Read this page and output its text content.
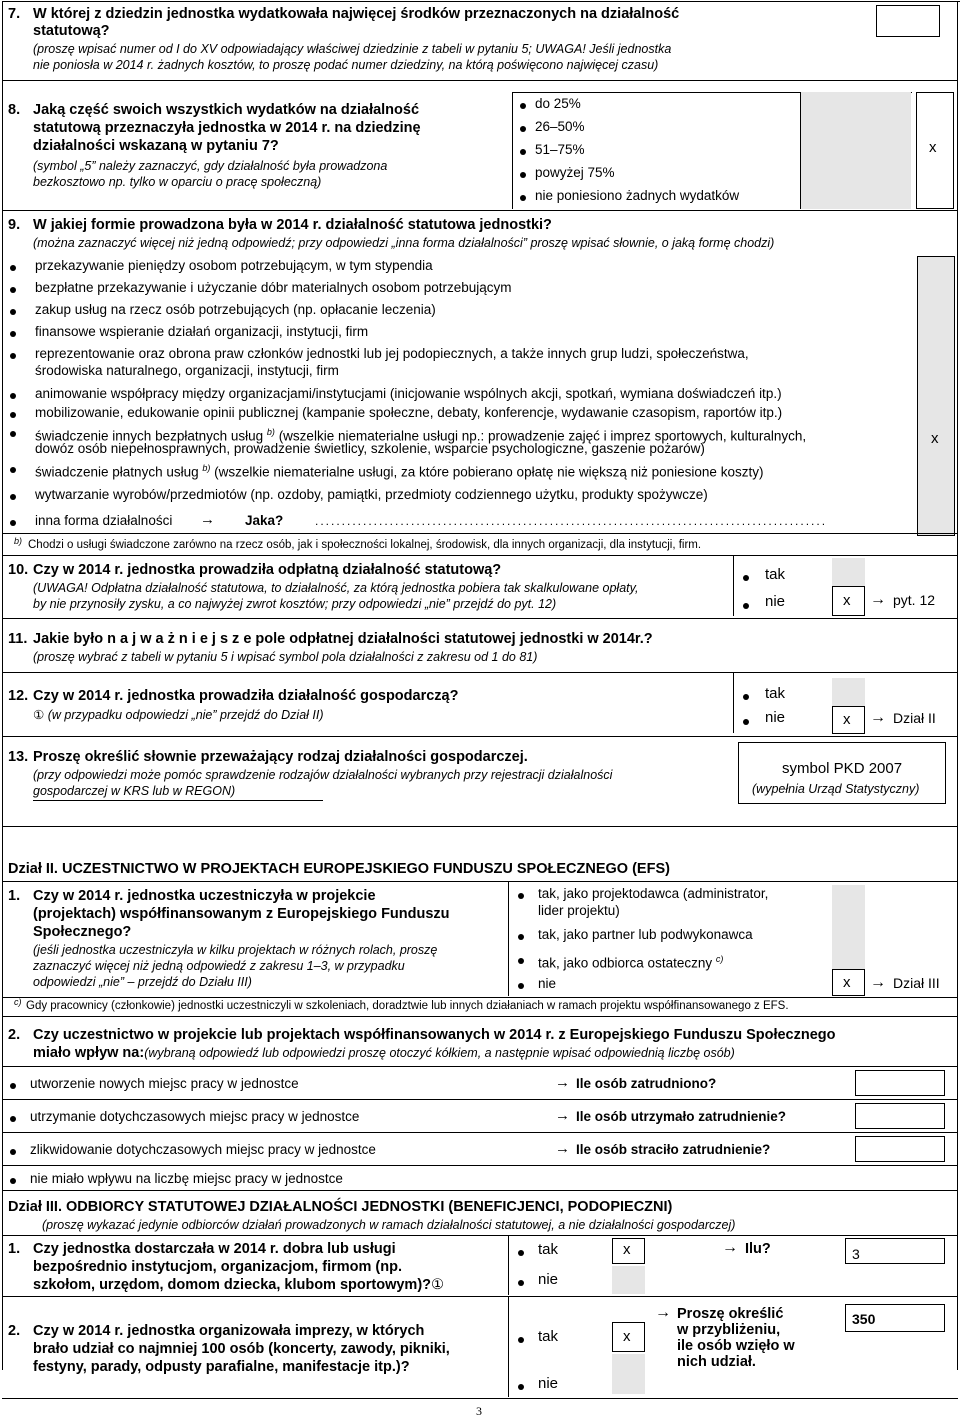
7. W której z dziedzin jednostka wydatkowała najwięcej środków przeznaczonych na działalność
statutową?
(proszę wpisać numer od I do XV odpowiadający właściwej dziedzinie z tabeli w pytaniu 5; UWAGA! Jeśli jednostka
nie poniosła w 2014 r. żadnych kosztów, to proszę podać numer dziedziny, na którą poświęcono najwięcej czasu)
8. Jaką część swoich wszystkich wydatków na działalność
statutową przeznaczyła jednostka w 2014 r. na dziedzinę
działalności wskazaną w pytaniu 7?
(symbol „5” należy zaznaczyć, gdy działalność była prowadzona
bezkosztowo np. tylko w oparciu o pracę społeczną)
x
do 25%
26–50%
51–75%
powyżej 75%
nie poniesiono żadnych wydatków
9. W jakiej formie prowadzona była w 2014 r. działalność statutowa jednostki?
(można zaznaczyć więcej niż jedną odpowiedź; przy odpowiedzi „inna forma działalności” proszę wpisać słownie, o jaką formę chodzi)
x
przekazywanie pieniędzy osobom potrzebującym, w tym stypendia
bezpłatne przekazywanie i użyczanie dóbr materialnych osobom potrzebującym
zakup usług na rzecz osób potrzebujących (np. opłacanie leczenia)
finansowe wspieranie działań organizacji, instytucji, firm
reprezentowanie oraz obrona praw członków jednostki lub jej podopiecznych, a także innych grup ludzi, społeczeństwa,
środowiska naturalnego, organizacji, instytucji, firm
animowanie współpracy między organizacjami/instytucjami (inicjowanie wspólnych akcji, spotkań, wymiana doświadczeń itp.)
mobilizowanie, edukowanie opinii publicznej (kampanie społeczne, debaty, konferencje, wydawanie czasopism, raportów itp.)
świadczenie innych bezpłatnych usług $^{b)}$ (wszelkie niematerialne usługi np.: prowadzenie zajęć i imprez sportowych, kulturalnych,
dowóz osób niepełnosprawnych, prowadzenie świetlicy, szkolenie, wsparcie psychologiczne, gaszenie pożarów)
świadczenie płatnych usług $^{b)}$ (wszelkie niematerialne usługi, za które pobierano opłatę nie większą niż poniesione koszty)
wytwarzanie wyrobów/przedmiotów (np. ozdoby, pamiątki, przedmioty codziennego użytku, produkty spożywcze)
inna forma działalności → Jaka?	................................................................................................
b) Chodzi o usługi świadczone zarówno na rzecz osób, jak i społeczności lokalnej, środowisk, dla innych organizacji, dla instytucji, firm.
10. Czy w 2014 r. jednostka prowadziła odpłatną działalność statutową?
(UWAGA! Odpłatna działalność statutowa, to działalność, za którą jednostka pobiera tak skalkulowane opłaty,
by nie przynosiły zysku, a co najwyżej zwrot kosztów; przy odpowiedzi „nie” przejdź do pyt. 12)
tak
nie	x → pyt. 12
11. Jakie było n a j w a ż n i e j s z e pole odpłatnej działalności statutowej jednostki w 2014r.?
(proszę wybrać z tabeli w pytaniu 5 i wpisać symbol pola działalności z zakresu od 1 do 81)
12. Czy w 2014 r. jednostka prowadziła działalność gospodarczą?
① (w przypadku odpowiedzi „nie” przejdź do Dział II)
tak
nie	x → Dział II
13. Proszę określić słownie przeważający rodzaj działalności gospodarczej.
(przy odpowiedzi może pomóc sprawdzenie rodzajów działalności wybranych przy rejestracji działalności
gospodarczej w KRS lub w REGON)
symbol PKD 2007
(wypełnia Urząd Statystyczny)
Dział II. UCZESTNICTWO W PROJEKTACH EUROPEJSKIEGO FUNDUSZU SPOŁECZNEGO (EFS)
1. Czy w 2014 r. jednostka uczestniczyła w projekcie
(projektach) współfinansowanym z Europejskiego Funduszu
Społecznego?
(jeśli jednostka uczestniczyła w kilku projektach w różnych rolach, proszę
zaznaczyć więcej niż jedną odpowiedź z zakresu 1–3, w przypadku
odpowiedzi „nie” – przejdź do Działu III)
tak, jako projektodawca (administrator,
lider projektu)
tak, jako partner lub podwykonawca
tak, jako odbiorca ostateczny $^{c)}$
nie	x → Dział III
c) Gdy pracownicy (członkowie) jednostki uczestniczyli w szkoleniach, doradztwie lub innych działaniach w ramach projektu współfinansowanego z EFS.
2. Czy uczestnictwo w projekcie lub projektach współfinansowanych w 2014 r. z Europejskiego Funduszu Społecznego
miało wpływ na:(wybraną odpowiedź lub odpowiedzi proszę otoczyć kółkiem, a następnie wpisać odpowiednią liczbę osób)
utworzenie nowych miejsc pracy w jednostce	→ Ile osób zatrudniono?
utrzymanie dotychczasowych miejsc pracy w jednostce	→ Ile osób utrzymało zatrudnienie?
zlikwidowanie dotychczasowych miejsc pracy w jednostce	→ Ile osób straciło zatrudnienie?
nie miało wpływu na liczbę miejsc pracy w jednostce
Dział III. ODBIORCY STATUTOWEJ DZIAŁALNOŚCI JEDNOSTKI (BENEFICJENCI, PODOPIECZNI)
(proszę wykazać jedynie odbiorców działań prowadzonych w ramach działalności statutowej, a nie działalności gospodarczej)
1. Czy jednostka dostarczała w 2014 r. dobra lub usługi
bezpośrednio instytucjom, organizacjom, firmom (np.
szkołom, urzędom, domom dziecka, klubom sportowym)?①
tak	x
nie
→ Ilu?	3
2. Czy w 2014 r. jednostka organizowała imprezy, w których
brało udział co najmniej 100 osób (koncerty, zawody, pikniki,
festyny, parady, odpusty parafialne, manifestacje itp.)?
tak	x
nie
→ Proszę określić
w przybliżeniu,
ile osób wzięło w
nich udział.
350
3
